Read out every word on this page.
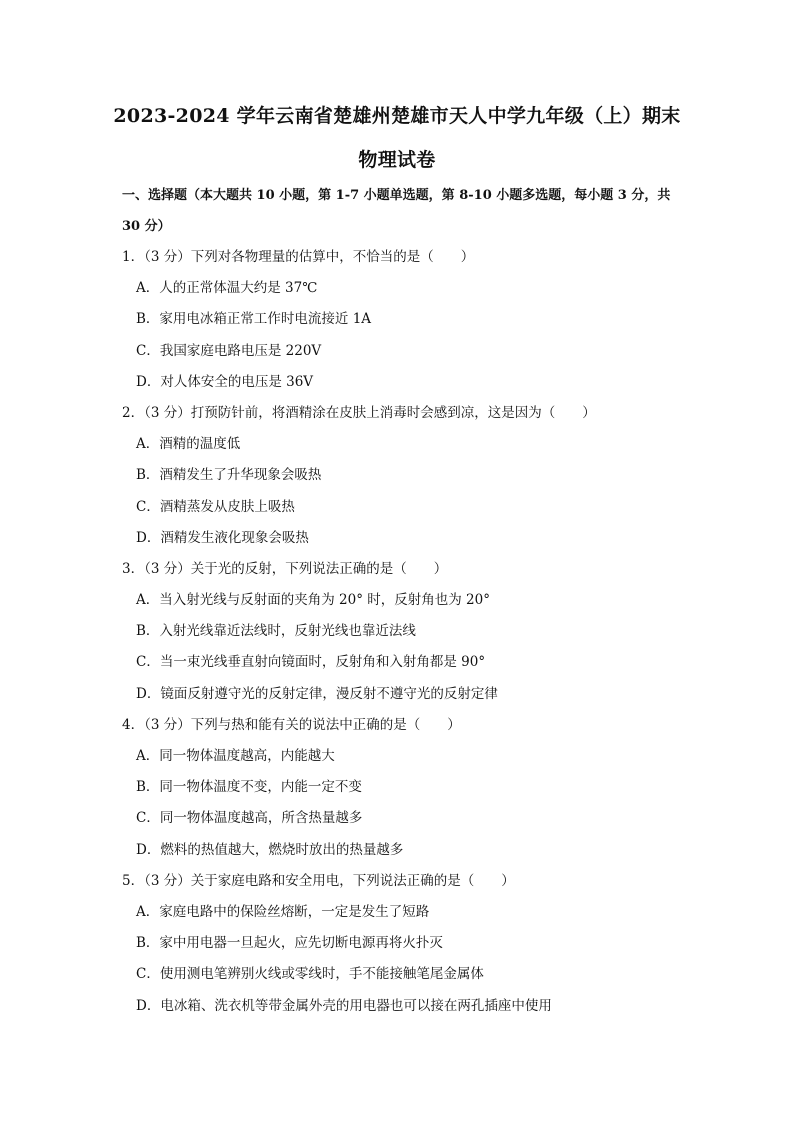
2023-2024 学年云南省楚雄州楚雄市天人中学九年级（上）期末
物理试卷
一、选择题（本大题共 10 小题，第 1-7 小题单选题，第 8-10 小题多选题，每小题 3 分，共
30 分）
1．（3 分）下列对各物理量的估算中，不恰当的是（　　）
A．人的正常体温大约是 37℃
B．家用电冰箱正常工作时电流接近 1A
C．我国家庭电路电压是 220V
D．对人体安全的电压是 36V
2．（3 分）打预防针前，将酒精涂在皮肤上消毒时会感到凉，这是因为（　　）
A．酒精的温度低
B．酒精发生了升华现象会吸热
C．酒精蒸发从皮肤上吸热
D．酒精发生液化现象会吸热
3．（3 分）关于光的反射，下列说法正确的是（　　）
A．当入射光线与反射面的夹角为 20° 时，反射角也为 20°
B．入射光线靠近法线时，反射光线也靠近法线
C．当一束光线垂直射向镜面时，反射角和入射角都是 90°
D．镜面反射遵守光的反射定律，漫反射不遵守光的反射定律
4．（3 分）下列与热和能有关的说法中正确的是（　　）
A．同一物体温度越高，内能越大
B．同一物体温度不变，内能一定不变
C．同一物体温度越高，所含热量越多
D．燃料的热值越大，燃烧时放出的热量越多
5．（3 分）关于家庭电路和安全用电，下列说法正确的是（　　）
A．家庭电路中的保险丝熔断，一定是发生了短路
B．家中用电器一旦起火，应先切断电源再将火扑灭
C．使用测电笔辨别火线或零线时，手不能接触笔尾金属体
D．电冰箱、洗衣机等带金属外壳的用电器也可以接在两孔插座中使用
